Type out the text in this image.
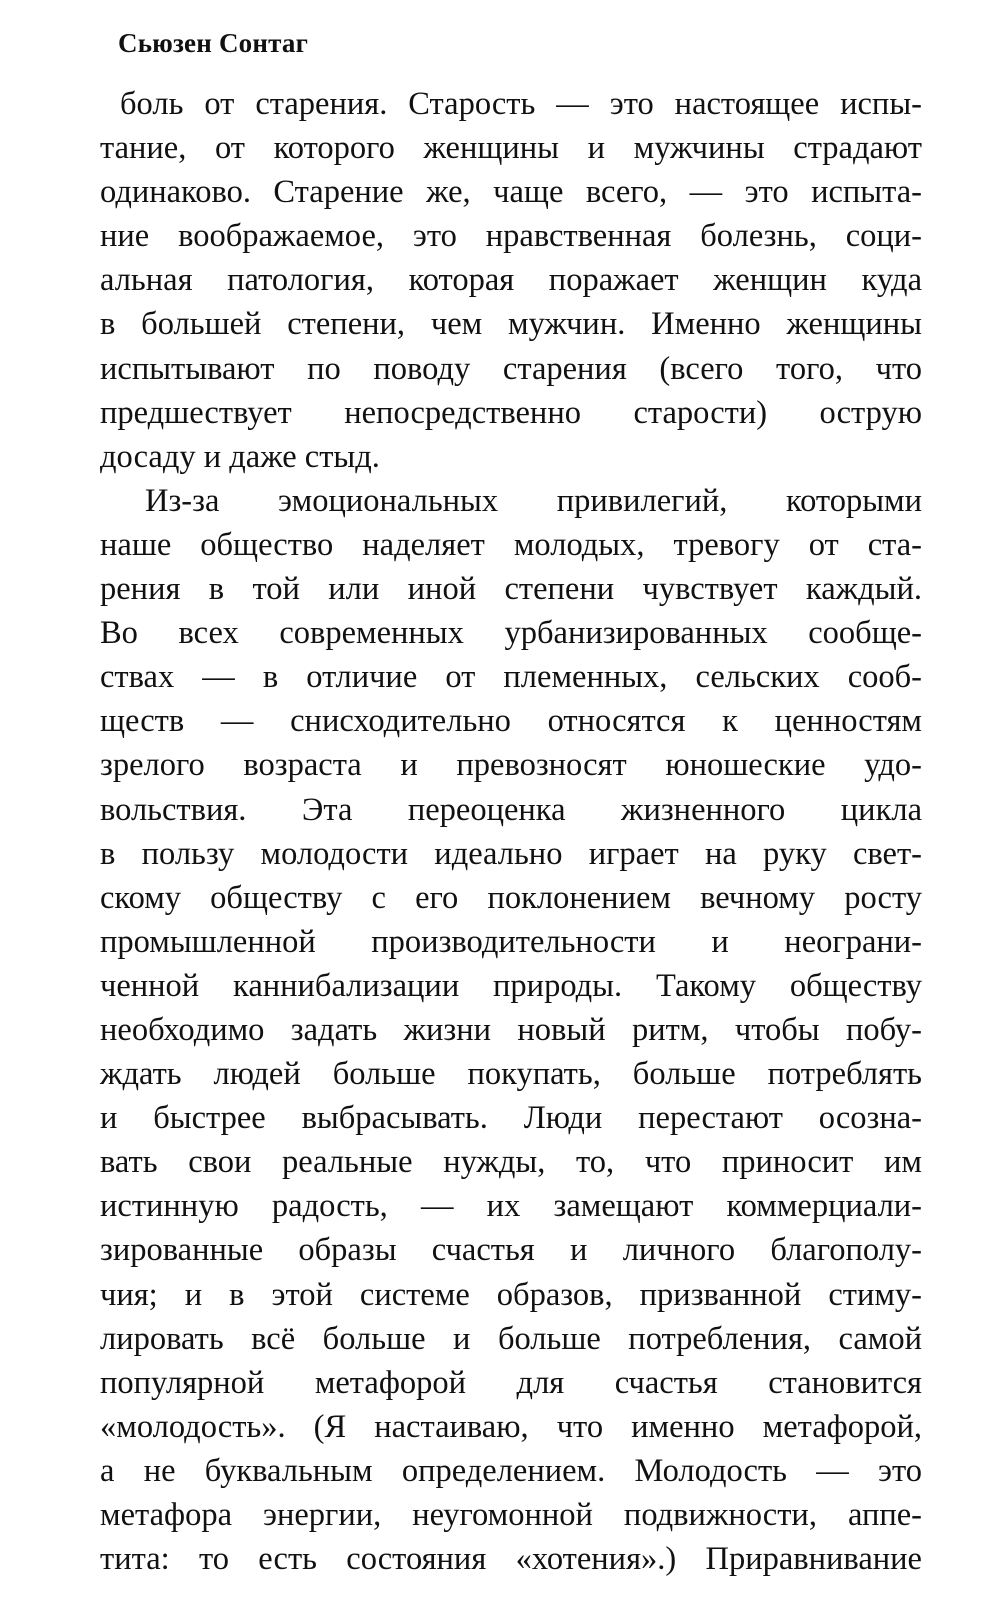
Сьюзен Сонтаг
боль от старения. Старость — это настоящее испы-
тание, от которого женщины и мужчины страдают
одинаково. Старение же, чаще всего, — это испыта-
ние воображаемое, это нравственная болезнь, соци-
альная патология, которая поражает женщин куда
в большей степени, чем мужчин. Именно женщины
испытывают по поводу старения (всего того, что
предшествует непосредственно старости) острую
досаду и даже стыд.
Из-за эмоциональных привилегий, которыми
наше общество наделяет молодых, тревогу от ста-
рения в той или иной степени чувствует каждый.
Во всех современных урбанизированных сообще-
ствах — в отличие от племенных, сельских сооб-
ществ — снисходительно относятся к ценностям
зрелого возраста и превозносят юношеские удо-
вольствия. Эта переоценка жизненного цикла
в пользу молодости идеально играет на руку свет-
скому обществу с его поклонением вечному росту
промышленной производительности и неограни-
ченной каннибализации природы. Такому обществу
необходимо задать жизни новый ритм, чтобы побу-
ждать людей больше покупать, больше потреблять
и быстрее выбрасывать. Люди перестают осозна-
вать свои реальные нужды, то, что приносит им
истинную радость, — их замещают коммерциали-
зированные образы счастья и личного благополу-
чия; и в этой системе образов, призванной стиму-
лировать всё больше и больше потребления, самой
популярной метафорой для счастья становится
«молодость». (Я настаиваю, что именно метафорой,
а не буквальным определением. Молодость — это
метафора энергии, неугомонной подвижности, аппе-
тита: то есть состояния «хотения».) Приравнивание
